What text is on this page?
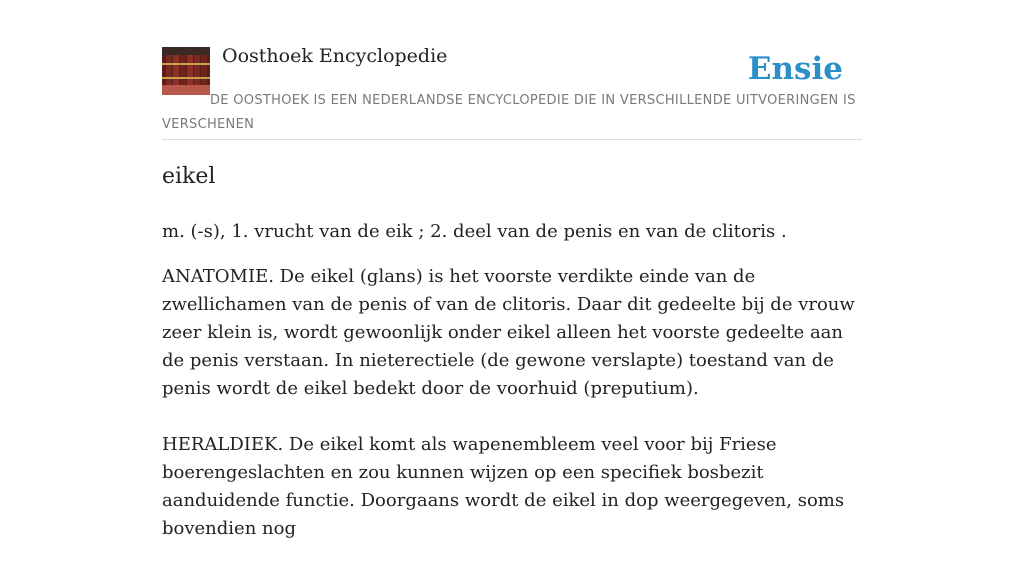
Oosthoek Encyclopedie	Ensie
DE OOSTHOEK IS EEN NEDERLANDSE ENCYCLOPEDIE DIE IN VERSCHILLENDE UITVOERINGEN IS VERSCHENEN
eikel

m. (-s), 1. vrucht van de eik ; 2. deel van de penis en van de clitoris .

ANATOMIE. De eikel (glans) is het voorste verdikte einde van de zwellichamen van de penis of van de clitoris. Daar dit gedeelte bij de vrouw zeer klein is, wordt gewoonlijk onder eikel alleen het voorste gedeelte aan de penis verstaan. In nieterectiele (de gewone verslapte) toestand van de penis wordt de eikel bedekt door de voorhuid (preputium).

HERALDIEK. De eikel komt als wapenembleem veel voor bij Friese boerengeslachten en zou kunnen wijzen op een specifiek bosbezit aanduidende functie. Doorgaans wordt de eikel in dop weergegeven, soms bovendien nog
